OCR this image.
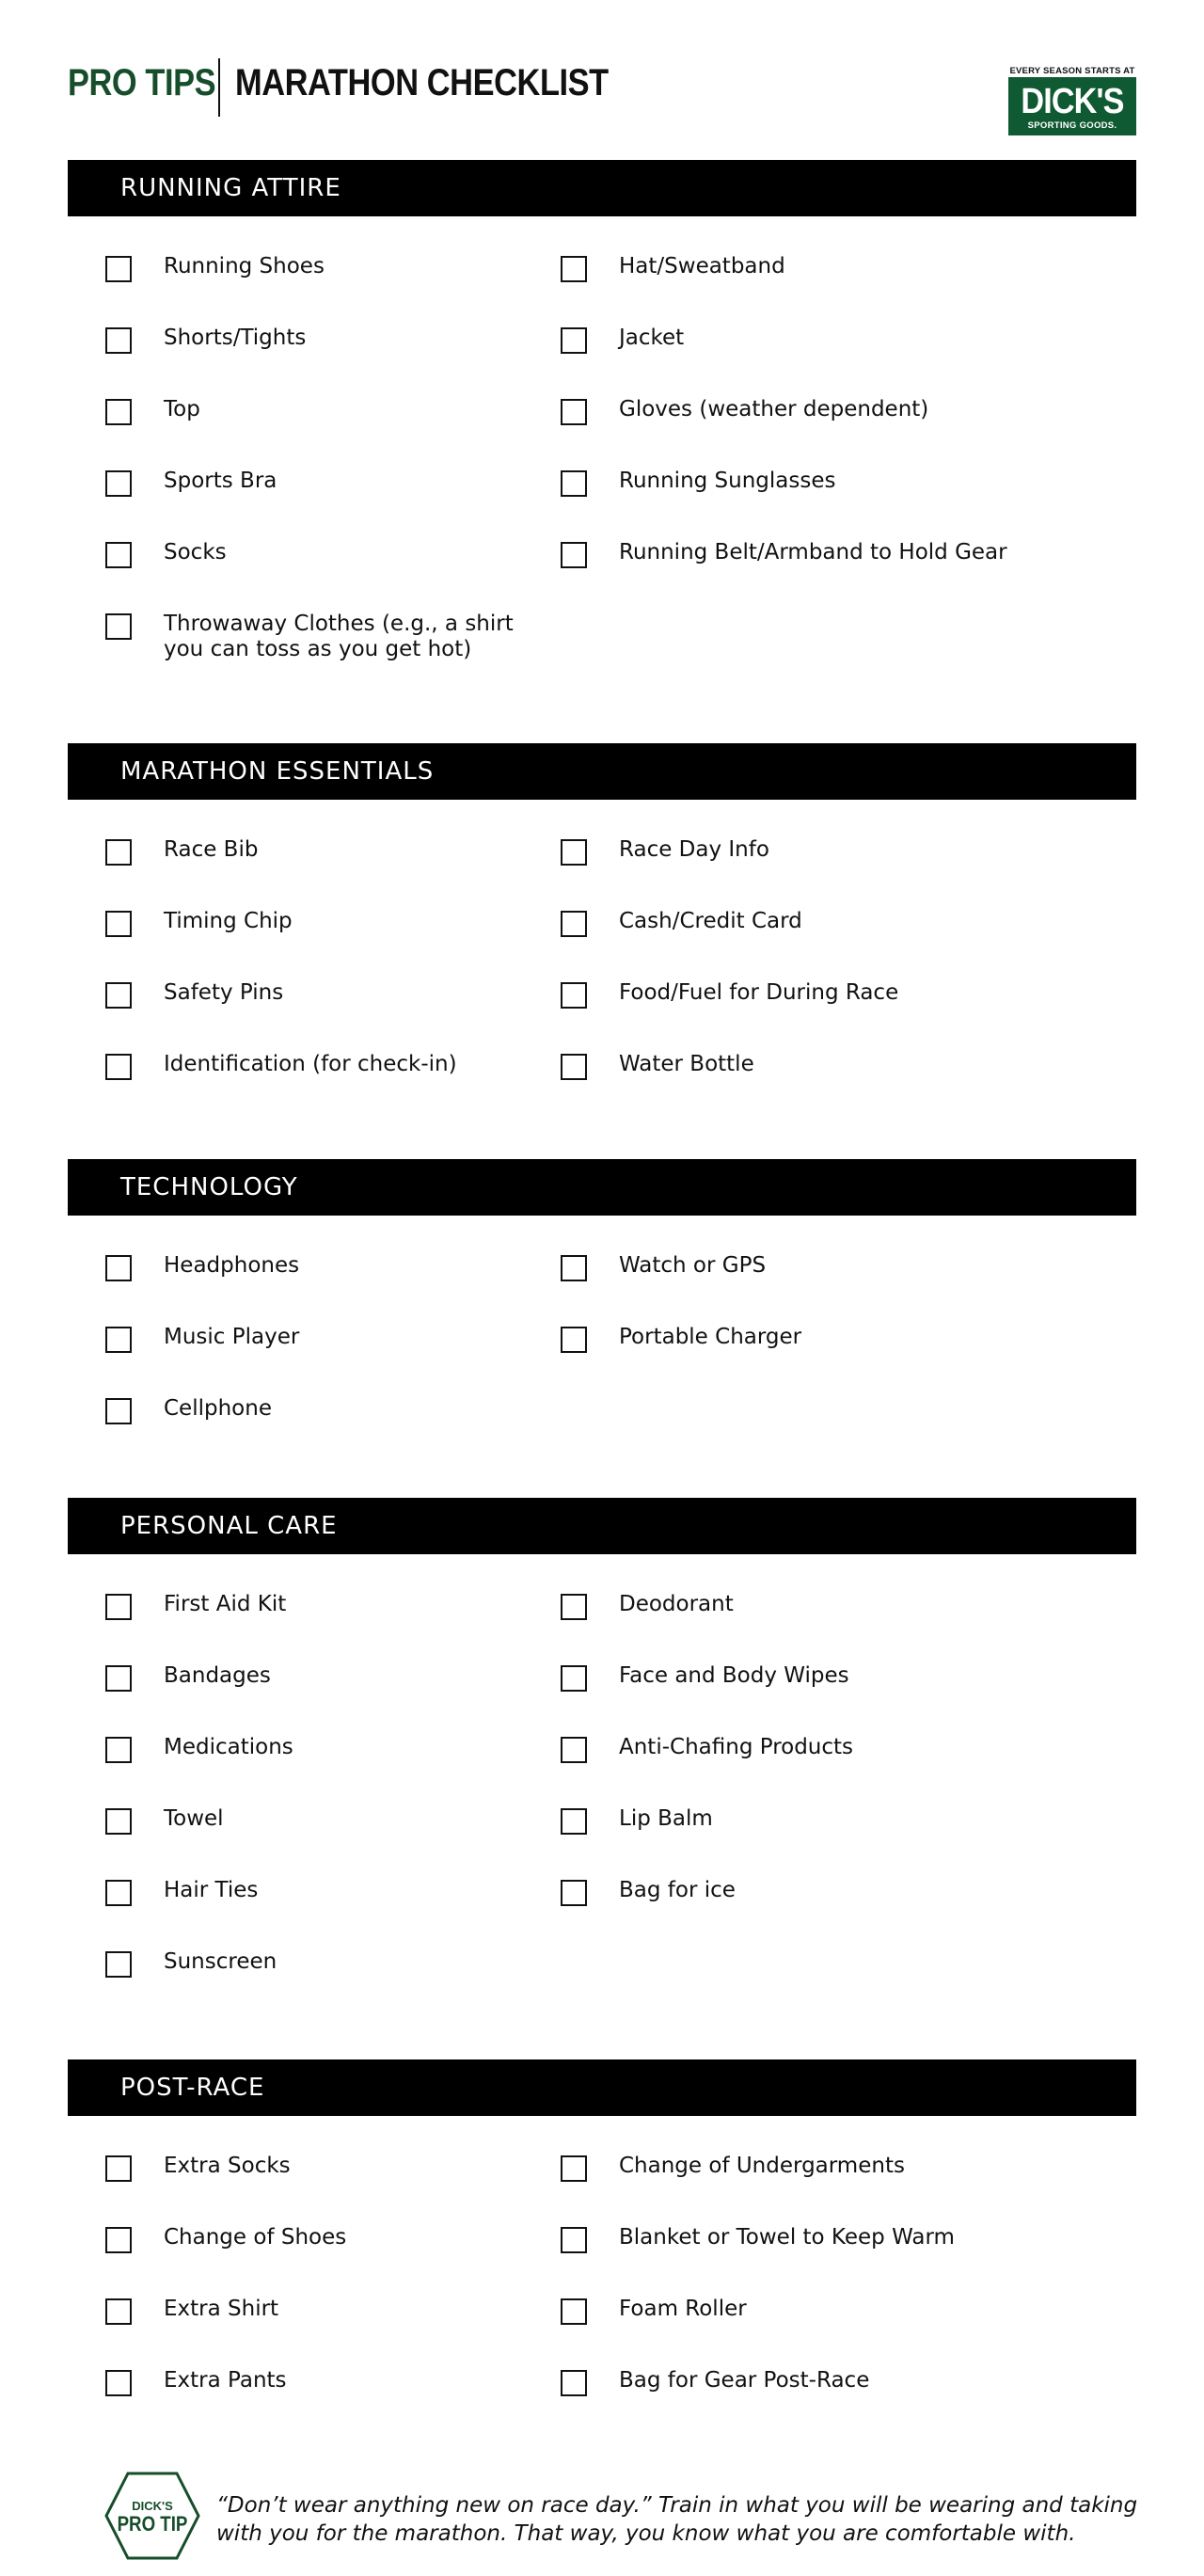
PRO TIPS MARATHON CHECKLIST	EVERY SEASON STARTS AT
DICK'S
SPORTING GOODS.
RUNNING ATTIRE
Running Shoes
Shorts/Tights
Top
Sports Bra
Socks
Throwaway Clothes (e.g., a shirt you can toss as you get hot)
Hat/Sweatband
Jacket
Gloves (weather dependent)
Running Sunglasses
Running Belt/Armband to Hold Gear
MARATHON ESSENTIALS
Race Bib
Timing Chip
Safety Pins
Identification (for check-in)
Race Day Info
Cash/Credit Card
Food/Fuel for During Race
Water Bottle
TECHNOLOGY
Headphones
Music Player
Cellphone
Watch or GPS
Portable Charger
PERSONAL CARE
First Aid Kit
Bandages
Medications
Towel
Hair Ties
Sunscreen
Deodorant
Face and Body Wipes
Anti-Chafing Products
Lip Balm
Bag for ice
POST-RACE
Extra Socks
Change of Shoes
Extra Shirt
Extra Pants
Change of Undergarments
Blanket or Towel to Keep Warm
Foam Roller
Bag for Gear Post-Race
DICK'S
PRO TIP
“Don’t wear anything new on race day.” Train in what you will be wearing and taking with you for the marathon. That way, you know what you are comfortable with.
